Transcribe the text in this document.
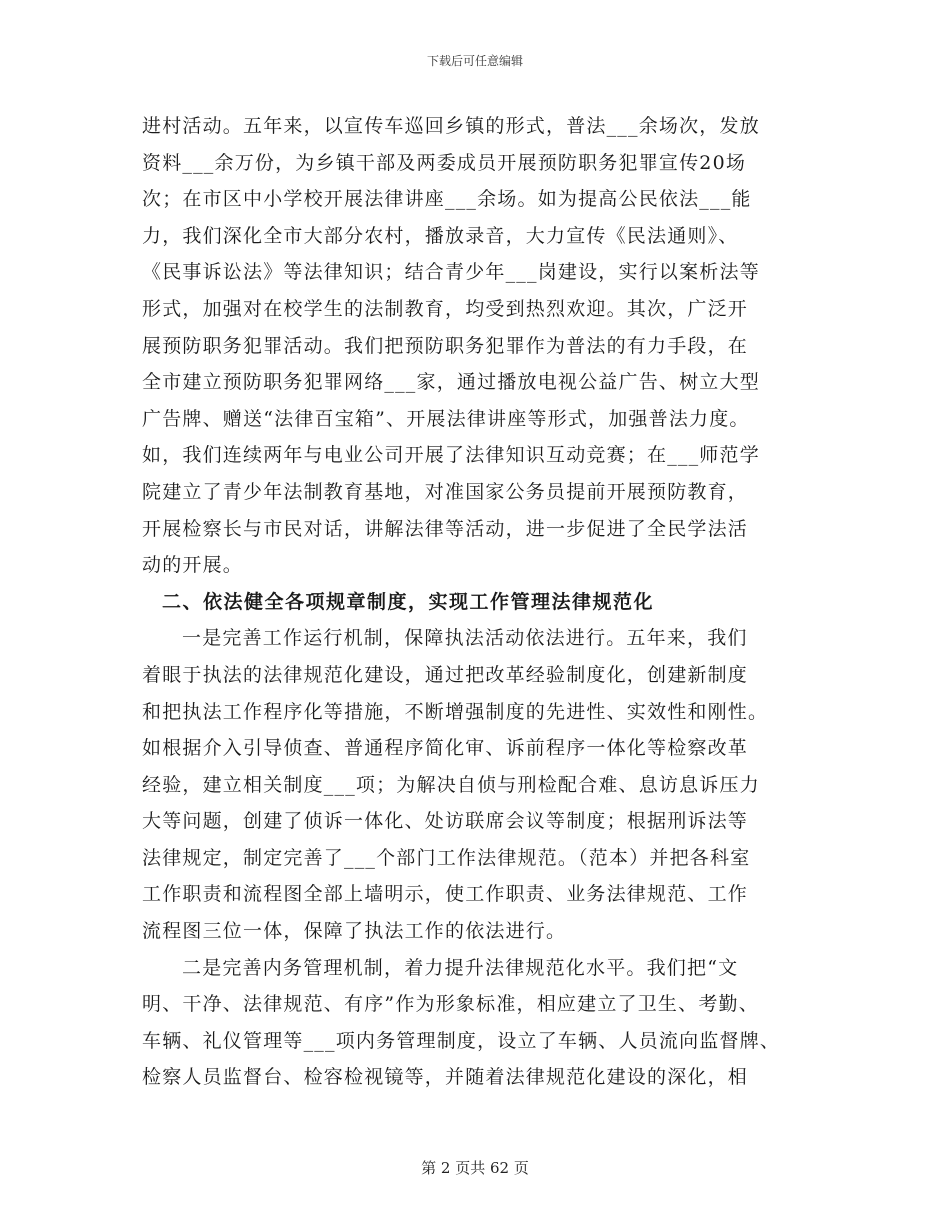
下载后可任意编辑
进村活动。五年来，以宣传车巡回乡镇的形式，普法___余场次，发放
资料___余万份，为乡镇干部及两委成员开展预防职务犯罪宣传20场
次；在市区中小学校开展法律讲座___余场。如为提高公民依法___能
力，我们深化全市大部分农村，播放录音，大力宣传《民法通则》、
《民事诉讼法》等法律知识；结合青少年___岗建设，实行以案析法等
形式，加强对在校学生的法制教育，均受到热烈欢迎。其次，广泛开
展预防职务犯罪活动。我们把预防职务犯罪作为普法的有力手段，在
全市建立预防职务犯罪网络___家，通过播放电视公益广告、树立大型
广告牌、赠送“法律百宝箱”、开展法律讲座等形式，加强普法力度。
如，我们连续两年与电业公司开展了法律知识互动竞赛；在___师范学
院建立了青少年法制教育基地，对准国家公务员提前开展预防教育，
开展检察长与市民对话，讲解法律等活动，进一步促进了全民学法活
动的开展。
二、依法健全各项规章制度，实现工作管理法律规范化
一是完善工作运行机制，保障执法活动依法进行。五年来，我们
着眼于执法的法律规范化建设，通过把改革经验制度化，创建新制度
和把执法工作程序化等措施，不断增强制度的先进性、实效性和刚性。
如根据介入引导侦查、普通程序简化审、诉前程序一体化等检察改革
经验，建立相关制度___项；为解决自侦与刑检配合难、息访息诉压力
大等问题，创建了侦诉一体化、处访联席会议等制度；根据刑诉法等
法律规定，制定完善了___个部门工作法律规范。（范本）并把各科室
工作职责和流程图全部上墙明示，使工作职责、业务法律规范、工作
流程图三位一体，保障了执法工作的依法进行。
二是完善内务管理机制，着力提升法律规范化水平。我们把“文
明、干净、法律规范、有序”作为形象标准，相应建立了卫生、考勤、
车辆、礼仪管理等___项内务管理制度，设立了车辆、人员流向监督牌、
检察人员监督台、检容检视镜等，并随着法律规范化建设的深化，相
第 2 页共 62 页
